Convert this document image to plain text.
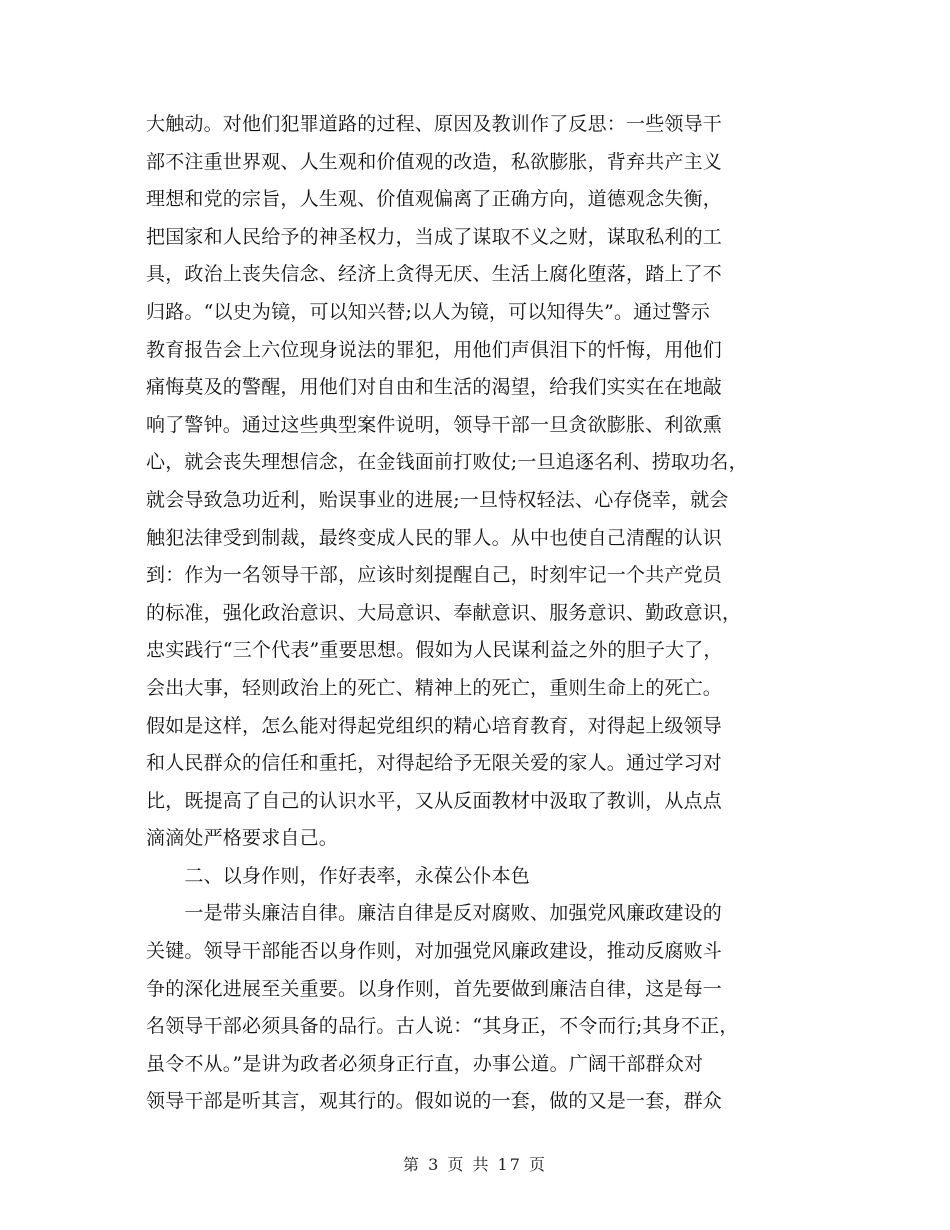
大触动。对他们犯罪道路的过程、原因及教训作了反思：一些领导干
部不注重世界观、人生观和价值观的改造，私欲膨胀，背弃共产主义
理想和党的宗旨，人生观、价值观偏离了正确方向，道德观念失衡，
把国家和人民给予的神圣权力，当成了谋取不义之财，谋取私利的工
具，政治上丧失信念、经济上贪得无厌、生活上腐化堕落，踏上了不
归路。“以史为镜，可以知兴替;以人为镜，可以知得失”。通过警示
教育报告会上六位现身说法的罪犯，用他们声俱泪下的忏悔，用他们
痛悔莫及的警醒，用他们对自由和生活的渴望，给我们实实在在地敲
响了警钟。通过这些典型案件说明，领导干部一旦贪欲膨胀、利欲熏
心，就会丧失理想信念，在金钱面前打败仗;一旦追逐名利、捞取功名，
就会导致急功近利，贻误事业的进展;一旦恃权轻法、心存侥幸，就会
触犯法律受到制裁，最终变成人民的罪人。从中也使自己清醒的认识
到：作为一名领导干部，应该时刻提醒自己，时刻牢记一个共产党员
的标准，强化政治意识、大局意识、奉献意识、服务意识、勤政意识，
忠实践行“三个代表”重要思想。假如为人民谋利益之外的胆子大了，
会出大事，轻则政治上的死亡、精神上的死亡，重则生命上的死亡。
假如是这样，怎么能对得起党组织的精心培育教育，对得起上级领导
和人民群众的信任和重托，对得起给予无限关爱的家人。通过学习对
比，既提高了自己的认识水平，又从反面教材中汲取了教训，从点点
滴滴处严格要求自己。
　　二、以身作则，作好表率，永葆公仆本色
　　一是带头廉洁自律。廉洁自律是反对腐败、加强党风廉政建设的
关键。领导干部能否以身作则，对加强党风廉政建设，推动反腐败斗
争的深化进展至关重要。以身作则，首先要做到廉洁自律，这是每一
名领导干部必须具备的品行。古人说：“其身正，不令而行;其身不正，
虽令不从。”是讲为政者必须身正行直，办事公道。广阔干部群众对
领导干部是听其言，观其行的。假如说的一套，做的又是一套，群众
第 3 页 共 17 页
